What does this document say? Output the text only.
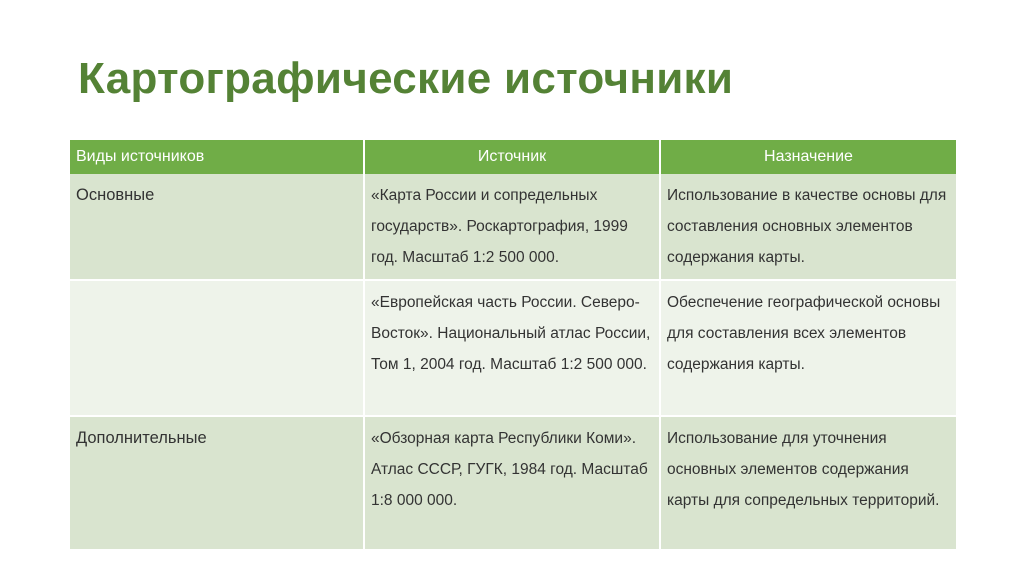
Картографические источники
Виды источников	Источник	Назначение
Основные	«Карта России и сопредельных государств». Роскартография, 1999 год. Масштаб 1:2 500 000.	Использование в качестве основы для составления основных элементов содержания карты.
	«Европейская часть России. Северо-Восток». Национальный атлас России, Том 1, 2004 год. Масштаб 1:2 500 000.	Обеспечение географической основы для составления всех элементов содержания карты.
Дополнительные	«Обзорная карта Республики Коми». Атлас СССР, ГУГК, 1984 год. Масштаб 1:8 000 000.	Использование для уточнения основных элементов содержания карты для сопредельных территорий.
